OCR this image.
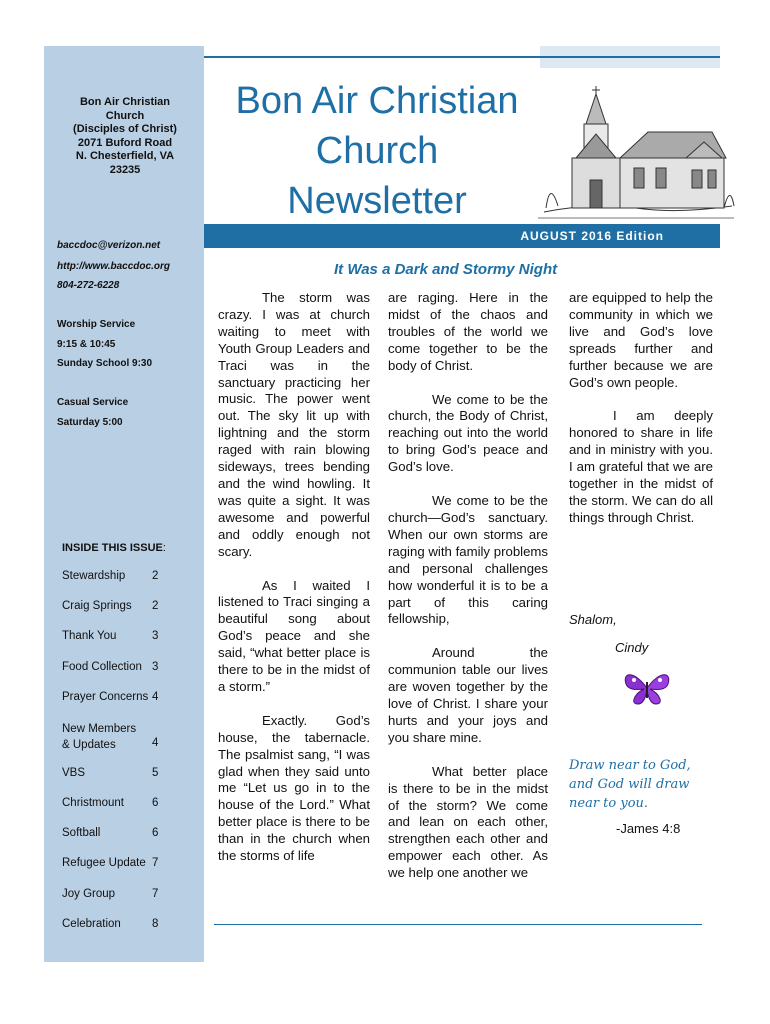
Bon Air Christian
Church
(Disciples of Christ)
2071 Buford Road
N. Chesterfield, VA
23235
baccdoc@verizon.net
http://www.baccdoc.org
804-272-6228
Worship Service
9:15 & 10:45
Sunday School 9:30
Casual Service
Saturday 5:00
INSIDE THIS ISSUE:
Stewardship 2
Craig Springs 2
Thank You	3
Food Collection 3
Prayer Concerns 4
New Members
& Updates	4
VBS	5
Christmount 6
Softball	6
Refugee Update 7
Joy Group	7
Celebration	8
Bon Air Christian
Church
Newsletter
AUGUST 2016 Edition
It Was a Dark and Stormy Night

The storm was crazy. I was at church waiting to meet with Youth Group Leaders and Traci was in the sanctuary practicing her music. The power went out. The sky lit up with lightning and the storm raged with rain blowing sideways, trees bending and the wind howling. It was quite a sight. It was awesome and powerful and oddly enough not scary.

As I waited I listened to Traci singing a beautiful song about God’s peace and she said, “what better place is there to be in the midst of a storm.”

Exactly. God’s house, the tabernacle. The psalmist sang, “I was glad when they said unto me “Let us go in to the house of the Lord.” What better place is there to be than in the church when the storms of life

are raging. Here in the midst of the chaos and troubles of the world we come together to be the body of Christ.

We come to be the church, the Body of Christ, reaching out into the world to bring God’s peace and God’s love.

We come to be the church—God’s sanctuary. When our own storms are raging with family problems and personal challenges how wonderful it is to be a part of this caring fellowship,

Around the communion table our lives are woven together by the love of Christ. I share your hurts and your joys and you share mine.

What better place is there to be in the midst of the storm? We come and lean on each other, strengthen each other and empower each other. As we help one another we

are equipped to help the community in which we live and God’s love spreads further and further because we are God’s own people.

I am deeply honored to share in life and in ministry with you. I am grateful that we are together in the midst of the storm. We can do all things through Christ.

Shalom,
Cindy
Draw near to God, and God will draw near to you.
-James 4:8
